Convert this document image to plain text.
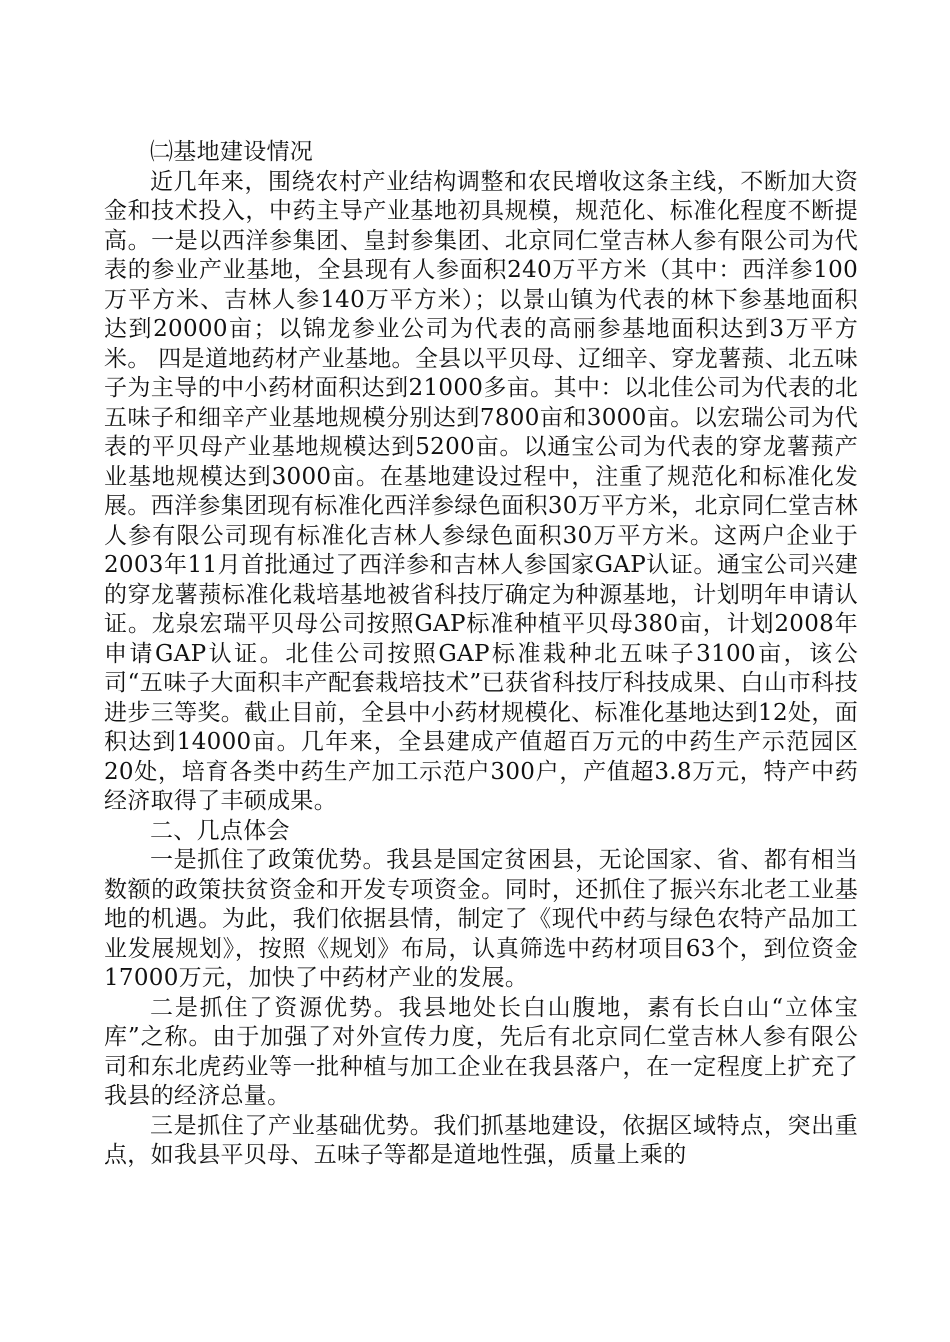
㈡基地建设情况

近几年来，围绕农村产业结构调整和农民增收这条主线，不断加大资金和技术投入，中药主导产业基地初具规模，规范化、标准化程度不断提高。一是以西洋参集团、皇封参集团、北京同仁堂吉林人参有限公司为代表的参业产业基地，全县现有人参面积240万平方米（其中：西洋参100万平方米、吉林人参140万平方米）；以景山镇为代表的林下参基地面积达到20000亩；以锦龙参业公司为代表的高丽参基地面积达到3万平方米。 四是道地药材产业基地。全县以平贝母、辽细辛、穿龙薯蓣、北五味子为主导的中小药材面积达到21000多亩。其中：以北佳公司为代表的北五味子和细辛产业基地规模分别达到7800亩和3000亩。以宏瑞公司为代表的平贝母产业基地规模达到5200亩。以通宝公司为代表的穿龙薯蓣产业基地规模达到3000亩。在基地建设过程中，注重了规范化和标准化发展。西洋参集团现有标准化西洋参绿色面积30万平方米，北京同仁堂吉林人参有限公司现有标准化吉林人参绿色面积30万平方米。这两户企业于2003年11月首批通过了西洋参和吉林人参国家GAP认证。通宝公司兴建的穿龙薯蓣标准化栽培基地被省科技厅确定为种源基地，计划明年申请认证。龙泉宏瑞平贝母公司按照GAP标准种植平贝母380亩，计划2008年申请GAP认证。北佳公司按照GAP标准栽种北五味子3100亩，该公司“五味子大面积丰产配套栽培技术”已获省科技厅科技成果、白山市科技进步三等奖。截止目前，全县中小药材规模化、标准化基地达到12处，面积达到14000亩。几年来，全县建成产值超百万元的中药生产示范园区 20处，培育各类中药生产加工示范户300户，产值超3.8万元，特产中药经济取得了丰硕成果。

二、几点体会

一是抓住了政策优势。我县是国定贫困县，无论国家、省、都有相当数额的政策扶贫资金和开发专项资金。同时，还抓住了振兴东北老工业基地的机遇。为此，我们依据县情，制定了《现代中药与绿色农特产品加工业发展规划》，按照《规划》布局，认真筛选中药材项目63个，到位资金17000万元，加快了中药材产业的发展。

二是抓住了资源优势。我县地处长白山腹地，素有长白山“立体宝库”之称。由于加强了对外宣传力度，先后有北京同仁堂吉林人参有限公司和东北虎药业等一批种植与加工企业在我县落户，在一定程度上扩充了我县的经济总量。

三是抓住了产业基础优势。我们抓基地建设，依据区域特点，突出重点，如我县平贝母、五味子等都是道地性强，质量上乘的
